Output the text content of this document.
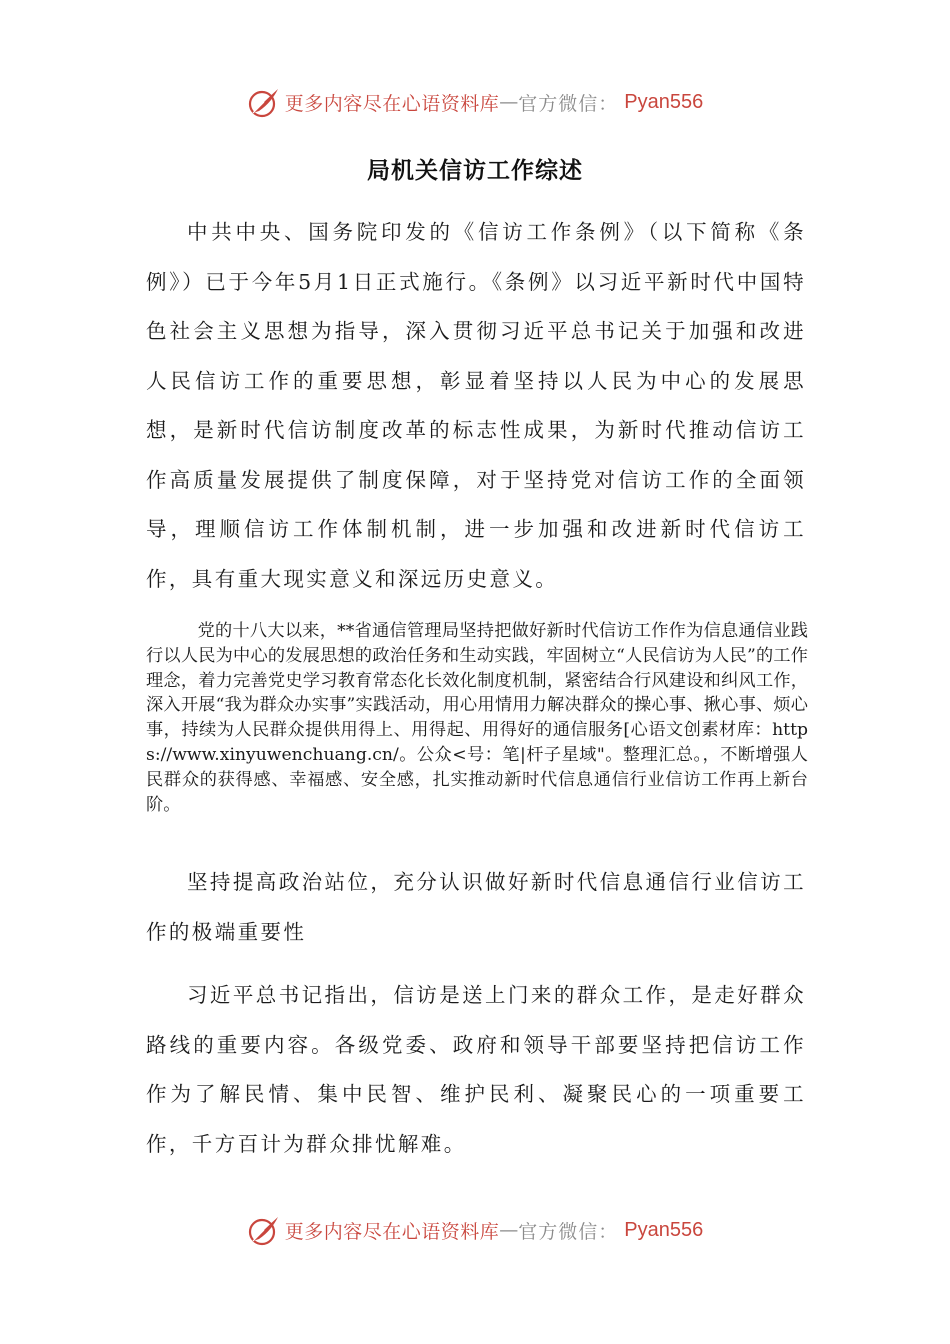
更多内容尽在心语资料库 — 官方微信： Pyan556
局机关信访工作综述

中共中央、国务院印发的《信访工作条例》（以下简称《条例》）已于今年5月1日正式施行。《条例》以习近平新时代中国特色社会主义思想为指导，深入贯彻习近平总书记关于加强和改进人民信访工作的重要思想，彰显着坚持以人民为中心的发展思想，是新时代信访制度改革的标志性成果，为新时代推动信访工作高质量发展提供了制度保障，对于坚持党对信访工作的全面领导，理顺信访工作体制机制，进一步加强和改进新时代信访工作，具有重大现实意义和深远历史意义。

党的十八大以来，**省通信管理局坚持把做好新时代信访工作作为信息通信业践行以人民为中心的发展思想的政治任务和生动实践，牢固树立“人民信访为人民”的工作理念，着力完善党史学习教育常态化长效化制度机制，紧密结合行风建设和纠风工作，深入开展“我为群众办实事”实践活动，用心用情用力解决群众的操心事、揪心事、烦心事，持续为人民群众提供用得上、用得起、用得好的通信服务[心语文创素材库：https://www.xinyuwenchuang.cn/。公众<号：笔|杆子星域"。整理汇总。，不断增强人民群众的获得感、幸福感、安全感，扎实推动新时代信息通信行业信访工作再上新台阶。

坚持提高政治站位，充分认识做好新时代信息通信行业信访工作的极端重要性

习近平总书记指出，信访是送上门来的群众工作，是走好群众路线的重要内容。各级党委、政府和领导干部要坚持把信访工作作为了解民情、集中民智、维护民利、凝聚民心的一项重要工作，千方百计为群众排忧解难。

更多内容尽在心语资料库 — 官方微信： Pyan556
